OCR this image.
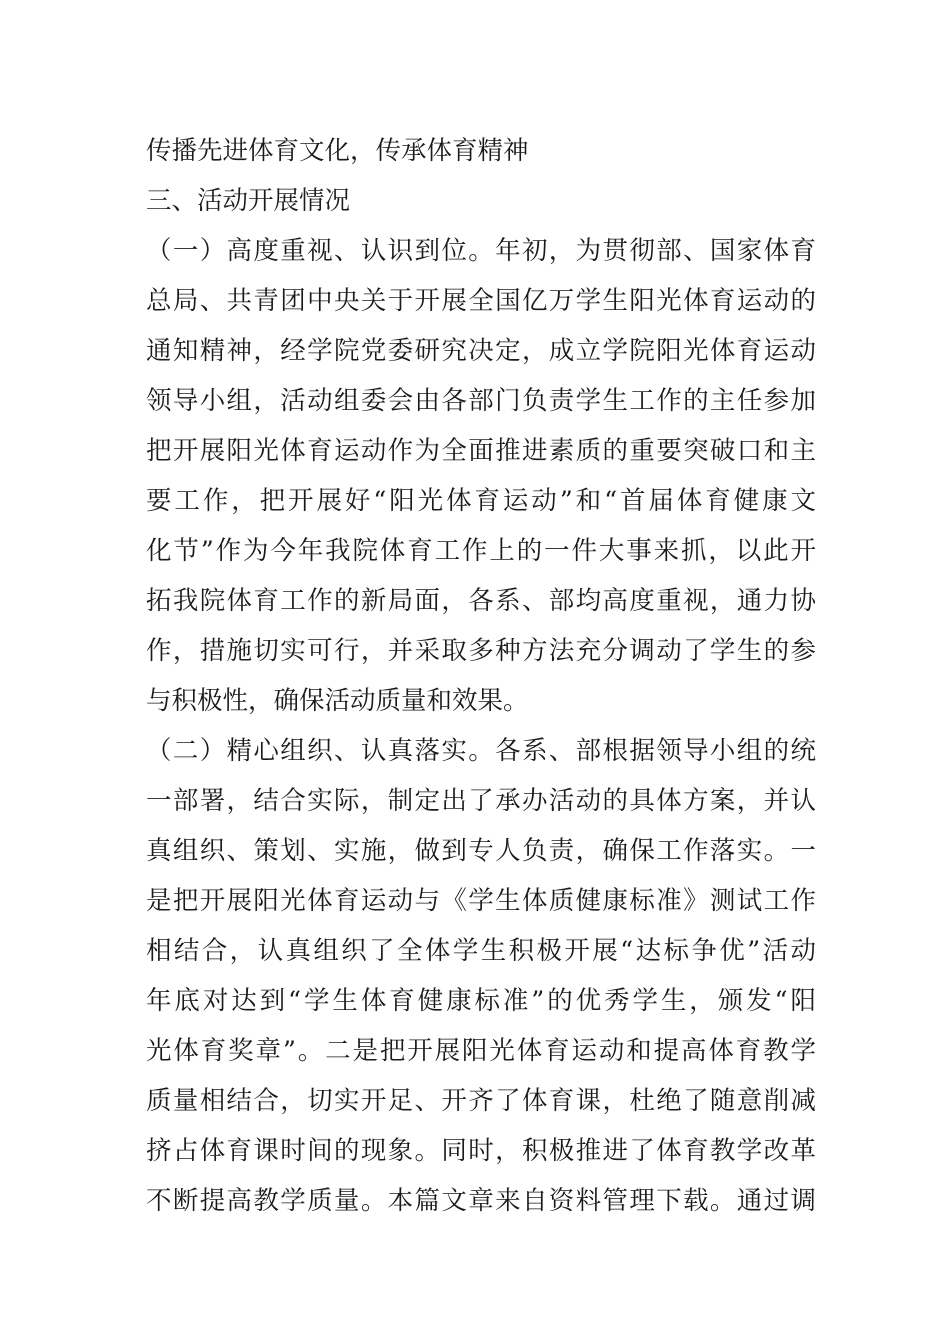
传播先进体育文化，传承体育精神
三、活动开展情况
（一）高度重视、认识到位。年初，为贯彻部、国家体育
总局、共青团中央关于开展全国亿万学生阳光体育运动的
通知精神，经学院党委研究决定，成立学院阳光体育运动
领导小组，活动组委会由各部门负责学生工作的主任参加
把开展阳光体育运动作为全面推进素质的重要突破口和主
要工作，把开展好“阳光体育运动”和“首届体育健康文
化节”作为今年我院体育工作上的一件大事来抓，以此开
拓我院体育工作的新局面，各系、部均高度重视，通力协
作，措施切实可行，并采取多种方法充分调动了学生的参
与积极性，确保活动质量和效果。
（二）精心组织、认真落实。各系、部根据领导小组的统
一部署，结合实际，制定出了承办活动的具体方案，并认
真组织、策划、实施，做到专人负责，确保工作落实。一
是把开展阳光体育运动与《学生体质健康标准》测试工作
相结合，认真组织了全体学生积极开展“达标争优”活动
年底对达到“学生体育健康标准”的优秀学生，颁发“阳
光体育奖章”。二是把开展阳光体育运动和提高体育教学
质量相结合，切实开足、开齐了体育课，杜绝了随意削减
挤占体育课时间的现象。同时，积极推进了体育教学改革
不断提高教学质量。本篇文章来自资料管理下载。通过调
